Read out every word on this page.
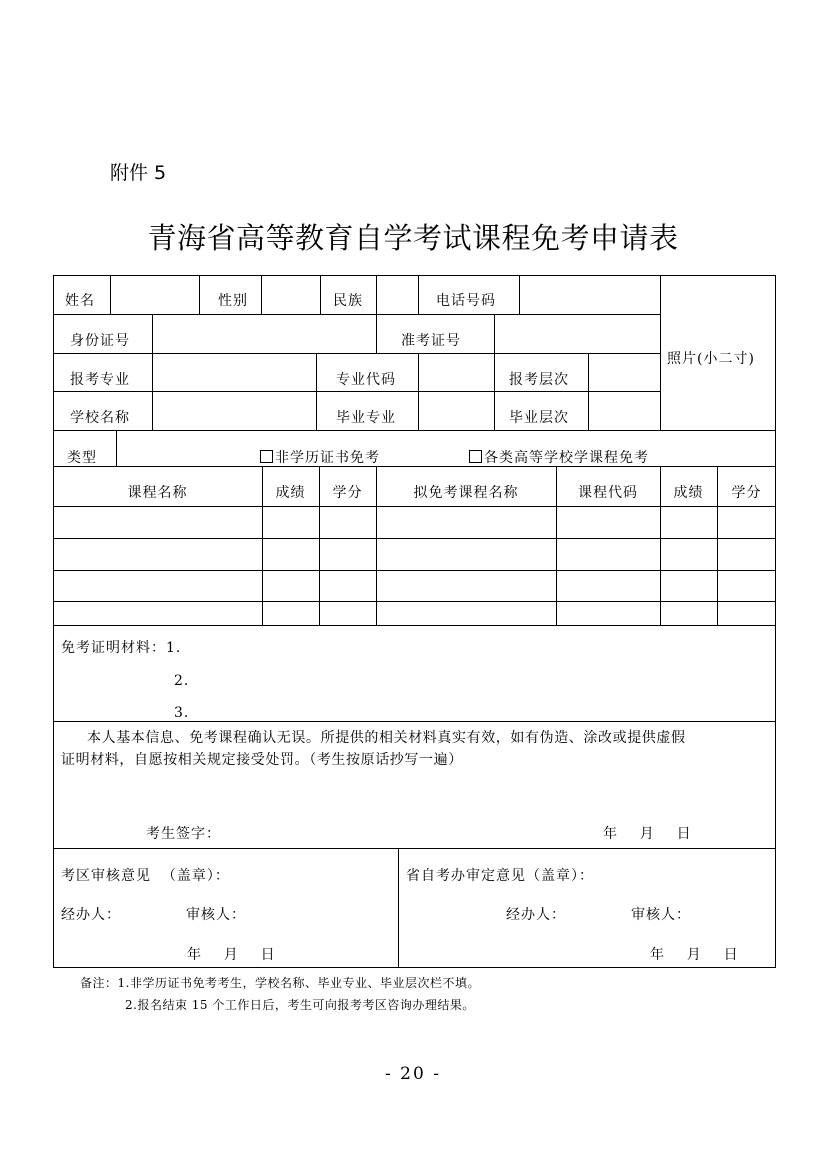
附件 5
青海省高等教育自学考试课程免考申请表
姓名	性别	民族	电话号码
照片(小二寸)
身份证号	准考证号
报考专业	专业代码	报考层次
学校名称	毕业专业	毕业层次
类型	非学历证书免考	各类高等学校学课程免考
课程名称	成绩	学分	拟免考课程名称	课程代码	成绩	学分
免考证明材料：1.
2.
3.
本人基本信息、免考课程确认无误。所提供的相关材料真实有效，如有伪造、涂改或提供虚假
证明材料，自愿按相关规定接受处罚。（考生按原话抄写一遍）
考生签字：	年    月    日
考区审核意见  （盖章）：
经办人：	审核人：
年    月    日
省自考办审定意见（盖章）：
经办人：	审核人：
年    月    日
备注：1.非学历证书免考考生，学校名称、毕业专业、毕业层次栏不填。
2.报名结束 15 个工作日后，考生可向报考考区咨询办理结果。
- 20 -
